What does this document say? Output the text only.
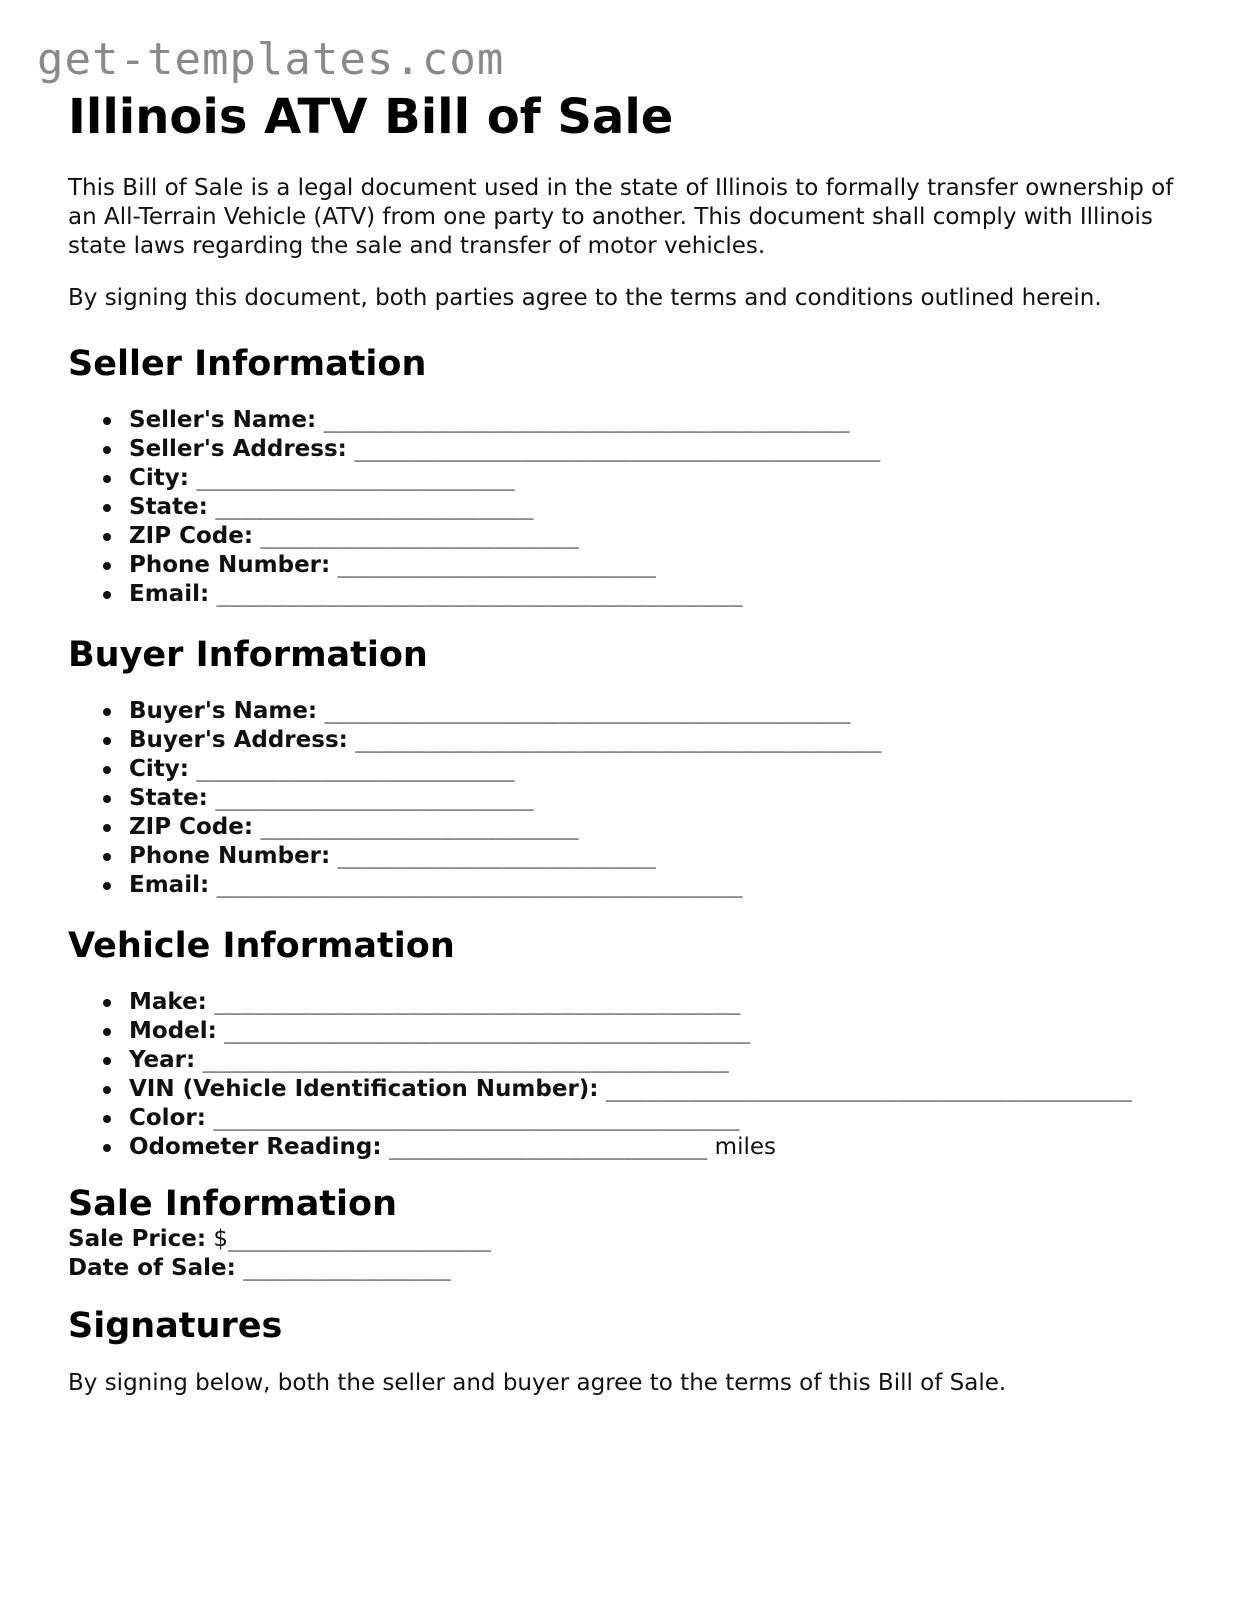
get-templates.com
Illinois ATV Bill of Sale

This Bill of Sale is a legal document used in the state of Illinois to formally transfer ownership of an All-Terrain Vehicle (ATV) from one party to another. This document shall comply with Illinois state laws regarding the sale and transfer of motor vehicles.

By signing this document, both parties agree to the terms and conditions outlined herein.

Seller Information
Seller's Name: ______________________________________
Seller's Address: ______________________________________
City: _______________________
State: _______________________
ZIP Code: _______________________
Phone Number: _______________________
Email: ______________________________________
Buyer Information
Buyer's Name: ______________________________________
Buyer's Address: ______________________________________
City: _______________________
State: _______________________
ZIP Code: _______________________
Phone Number: _______________________
Email: ______________________________________
Vehicle Information
Make: ______________________________________
Model: ______________________________________
Year: ______________________________________
VIN (Vehicle Identification Number): ______________________________________
Color: ______________________________________
Odometer Reading: _______________________ miles
Sale Information

Sale Price: $___________________

Date of Sale: _______________

Signatures

By signing below, both the seller and buyer agree to the terms of this Bill of Sale.
